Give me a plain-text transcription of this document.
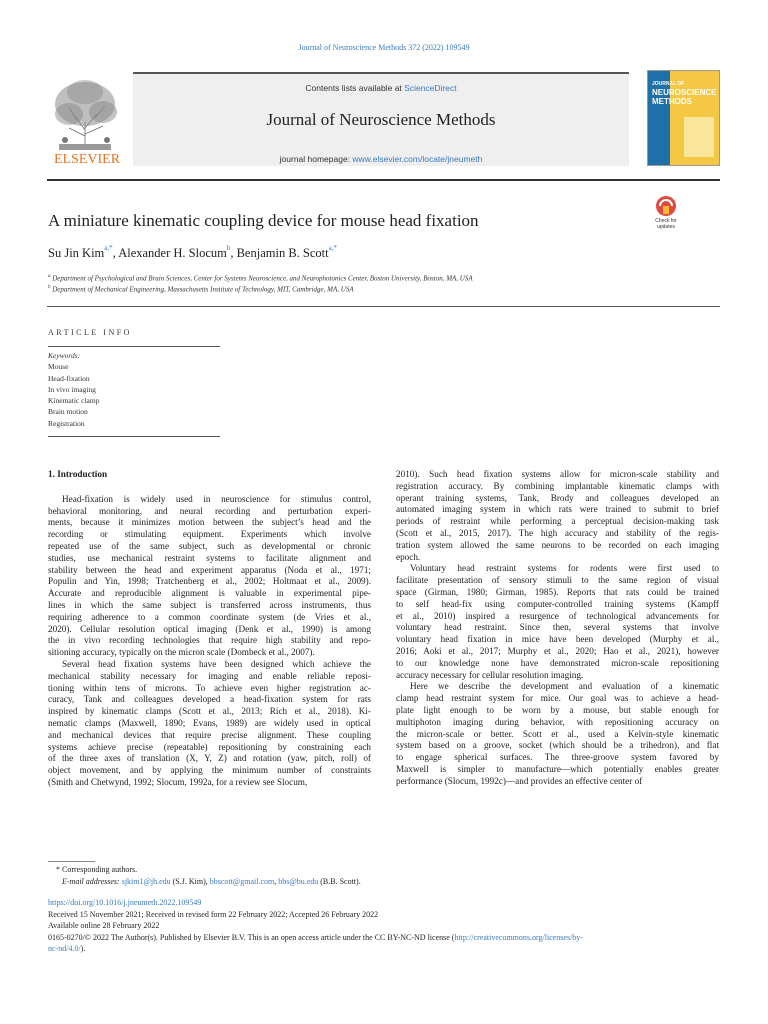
Journal of Neuroscience Methods 372 (2022) 109549
ELSEVIER
Contents lists available at ScienceDirect
Journal of Neuroscience Methods
journal homepage: www.elsevier.com/locate/jneumeth
JOURNAL OF
NEUROSCIENCE
METHODS
A miniature kinematic coupling device for mouse head fixation	Check for
updates
Su Jin Kim$^{a,*}$, Alexander H. Slocum$^b$, Benjamin B. Scott$^{a,*}$
$^a$ Department of Psychological and Brain Sciences, Center for Systems Neuroscience, and Neurophotonics Center, Boston University, Boston, MA, USA
$^b$ Department of Mechanical Engineering, Massachusetts Institute of Technology, MIT, Cambridge, MA, USA
ARTICLE INFO
Keywords:
Mouse
Head-fixation
In vivo imaging
Kinematic clamp
Brain motion
Registration
1. Introduction
Head-fixation is widely used in neuroscience for stimulus control,
behavioral monitoring, and neural recording and perturbation experi-
ments, because it minimizes motion between the subject’s head and the
recording or stimulating equipment. Experiments which involve
repeated use of the same subject, such as developmental or chronic
studies, use mechanical restraint systems to facilitate alignment and
stability between the head and experiment apparatus (Noda et al., 1971;
Populin and Yin, 1998; Tratchenberg et al., 2002; Holtmaat et al., 2009).
Accurate and reproducible alignment is valuable in experimental pipe-
lines in which the same subject is transferred across instruments, thus
requiring adherence to a common coordinate system (de Vries et al.,
2020). Cellular resolution optical imaging (Denk et al., 1990) is among
the in vivo recording technologies that require high stability and repo-
sitioning accuracy, typically on the micron scale (Dombeck et al., 2007).
Several head fixation systems have been designed which achieve the
mechanical stability necessary for imaging and enable reliable reposi-
tioning within tens of microns. To achieve even higher registration ac-
curacy, Tank and colleagues developed a head-fixation system for rats
inspired by kinematic clamps (Scott et al., 2013; Rich et al., 2018). Ki-
nematic clamps (Maxwell, 1890; Evans, 1989) are widely used in optical
and mechanical devices that require precise alignment. These coupling
systems achieve precise (repeatable) repositioning by constraining each
of the three axes of translation (X, Y, Z) and rotation (yaw, pitch, roll) of
object movement, and by applying the minimum number of constraints
(Smith and Chetwynd, 1992; Slocum, 1992a, for a review see Slocum,
2010). Such head fixation systems allow for micron-scale stability and
registration accuracy. By combining implantable kinematic clamps with
operant training systems, Tank, Brody and colleagues developed an
automated imaging system in which rats were trained to submit to brief
periods of restraint while performing a perceptual decision-making task
(Scott et al., 2015, 2017). The high accuracy and stability of the regis-
tration system allowed the same neurons to be recorded on each imaging
epoch.
Voluntary head restraint systems for rodents were first used to
facilitate presentation of sensory stimuli to the same region of visual
space (Girman, 1980; Girman, 1985). Reports that rats could be trained
to self head-fix using computer-controlled training systems (Kampff
et al., 2010) inspired a resurgence of technological advancements for
voluntary head restraint. Since then, several systems that involve
voluntary head fixation in mice have been developed (Murphy et al.,
2016; Aoki et al., 2017; Murphy et al., 2020; Hao et al., 2021), however
to our knowledge none have demonstrated micron-scale repositioning
accuracy necessary for cellular resolution imaging.
Here we describe the development and evaluation of a kinematic
clamp head restraint system for mice. Our goal was to achieve a head-
plate light enough to be worn by a mouse, but stable enough for
multiphoton imaging during behavior, with repositioning accuracy on
the micron-scale or better. Scott et al., used a Kelvin-style kinematic
system based on a groove, socket (which should be a trihedron), and flat
to engage spherical surfaces. The three-groove system favored by
Maxwell is simpler to manufacture—which potentially enables greater
performance (Slocum, 1992c)—and provides an effective center of
* Corresponding authors.
E-mail addresses: sjkim1@jh.edu (S.J. Kim), bbscott@gmail.com, bbs@bu.edu (B.B. Scott).
https://doi.org/10.1016/j.jneumeth.2022.109549
Received 15 November 2021; Received in revised form 22 February 2022; Accepted 26 February 2022
Available online 28 February 2022
0165-0270/© 2022 The Author(s). Published by Elsevier B.V. This is an open access article under the CC BY-NC-ND license (http://creativecommons.org/licenses/by-
nc-nd/4.0/).
